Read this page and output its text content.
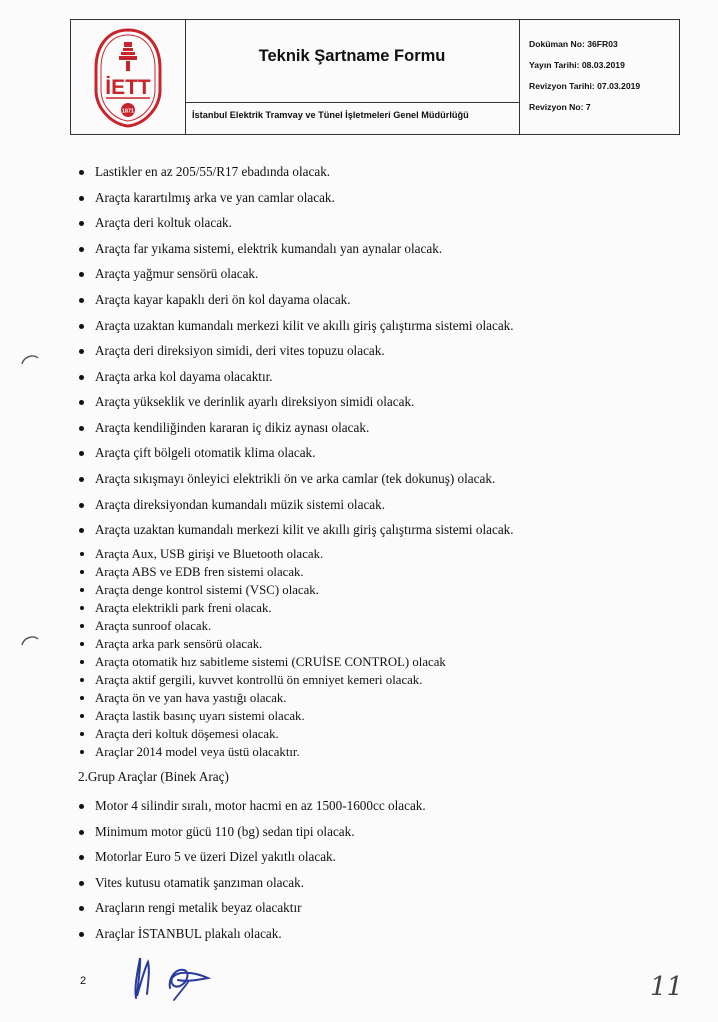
İETT
1871
Teknik Şartname Formu
İstanbul Elektrik Tramvay ve Tünel İşletmeleri Genel Müdürlüğü
Doküman No: 36FR03
Yayın Tarihi: 08.03.2019
Revizyon Tarihi: 07.03.2019
Revizyon No: 7
Lastikler en az 205/55/R17 ebadında olacak.
Araçta karartılmış arka ve yan camlar olacak.
Araçta deri koltuk olacak.
Araçta far yıkama sistemi, elektrik kumandalı yan aynalar olacak.
Araçta yağmur sensörü olacak.
Araçta kayar kapaklı deri ön kol dayama olacak.
Araçta uzaktan kumandalı merkezi kilit ve akıllı giriş çalıştırma sistemi olacak.
Araçta deri direksiyon simidi, deri vites topuzu olacak.
Araçta arka kol dayama olacaktır.
Araçta yükseklik ve derinlik ayarlı direksiyon simidi olacak.
Araçta kendiliğinden kararan iç dikiz aynası olacak.
Araçta çift bölgeli otomatik klima olacak.
Araçta sıkışmayı önleyici elektrikli ön ve arka camlar (tek dokunuş) olacak.
Araçta direksiyondan kumandalı müzik sistemi olacak.
Araçta uzaktan kumandalı merkezi kilit ve akıllı giriş çalıştırma sistemi olacak.
Araçta Aux, USB girişi ve Bluetooth olacak.
Araçta ABS ve EDB fren sistemi olacak.
Araçta denge kontrol sistemi (VSC) olacak.
Araçta elektrikli park freni olacak.
Araçta sunroof olacak.
Araçta arka park sensörü olacak.
Araçta otomatik hız sabitleme sistemi (CRUİSE CONTROL) olacak
Araçta aktif gergili, kuvvet kontrollü ön emniyet kemeri olacak.
Araçta ön ve yan hava yastığı olacak.
Araçta lastik basınç uyarı sistemi olacak.
Araçta deri koltuk döşemesi olacak.
Araçlar 2014 model veya üstü olacaktır.
2.Grup Araçlar (Binek Araç)
Motor 4 silindir sıralı, motor hacmi en az 1500-1600cc olacak.
Minimum motor gücü 110 (bg) sedan tipi olacak.
Motorlar Euro 5 ve üzeri Dizel yakıtlı olacak.
Vites kutusu otamatik şanzıman olacak.
Araçların rengi metalik beyaz olacaktır
Araçlar İSTANBUL plakalı olacak.
2	11
